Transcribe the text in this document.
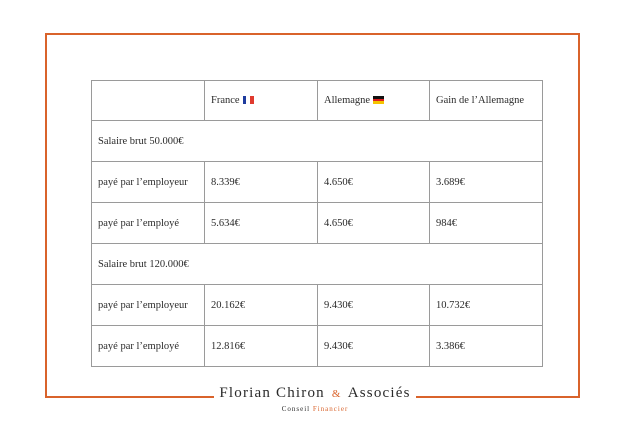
	France	Allemagne	Gain de l’Allemagne
Salaire brut 50.000€			
payé par l’employeur	8.339€	4.650€	3.689€
payé par l’employé	5.634€	4.650€	984€
Salaire brut 120.000€			
payé par l’employeur	20.162€	9.430€	10.732€
payé par l’employé	12.816€	9.430€	3.386€
Florian Chiron & Associés
Conseil Financier
